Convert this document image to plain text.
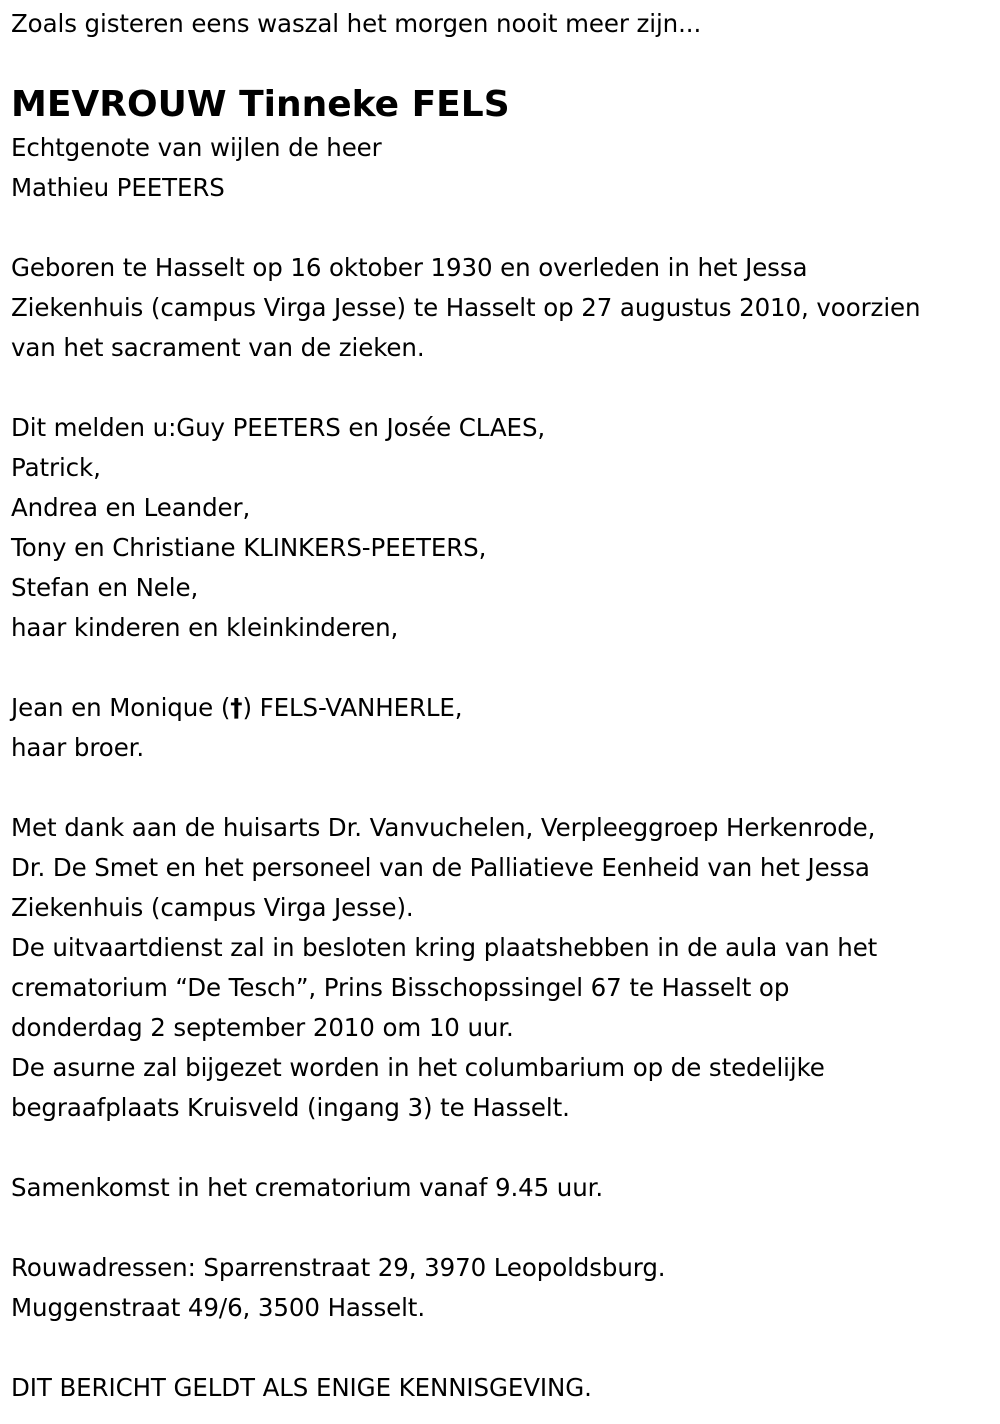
Zoals gisteren eens waszal het morgen nooit meer zijn...
MEVROUW Tinneke FELS
Echtgenote van wijlen de heer
Mathieu PEETERS
Geboren te Hasselt op 16 oktober 1930 en overleden in het Jessa
Ziekenhuis (campus Virga Jesse) te Hasselt op 27 augustus 2010, voorzien
van het sacrament van de zieken.
Dit melden u:Guy PEETERS en Josée CLAES,
Patrick,
Andrea en Leander,
Tony en Christiane KLINKERS-PEETERS,
Stefan en Nele,
haar kinderen en kleinkinderen,
Jean en Monique (†) FELS-VANHERLE,
haar broer.
Met dank aan de huisarts Dr. Vanvuchelen, Verpleeggroep Herkenrode,
Dr. De Smet en het personeel van de Palliatieve Eenheid van het Jessa
Ziekenhuis (campus Virga Jesse).
De uitvaartdienst zal in besloten kring plaatshebben in de aula van het
crematorium “De Tesch”, Prins Bisschopssingel 67 te Hasselt op
donderdag 2 september 2010 om 10 uur.
De asurne zal bijgezet worden in het columbarium op de stedelijke
begraafplaats Kruisveld (ingang 3) te Hasselt.
Samenkomst in het crematorium vanaf 9.45 uur.
Rouwadressen: Sparrenstraat 29, 3970 Leopoldsburg.
Muggenstraat 49/6, 3500 Hasselt.
DIT BERICHT GELDT ALS ENIGE KENNISGEVING.
